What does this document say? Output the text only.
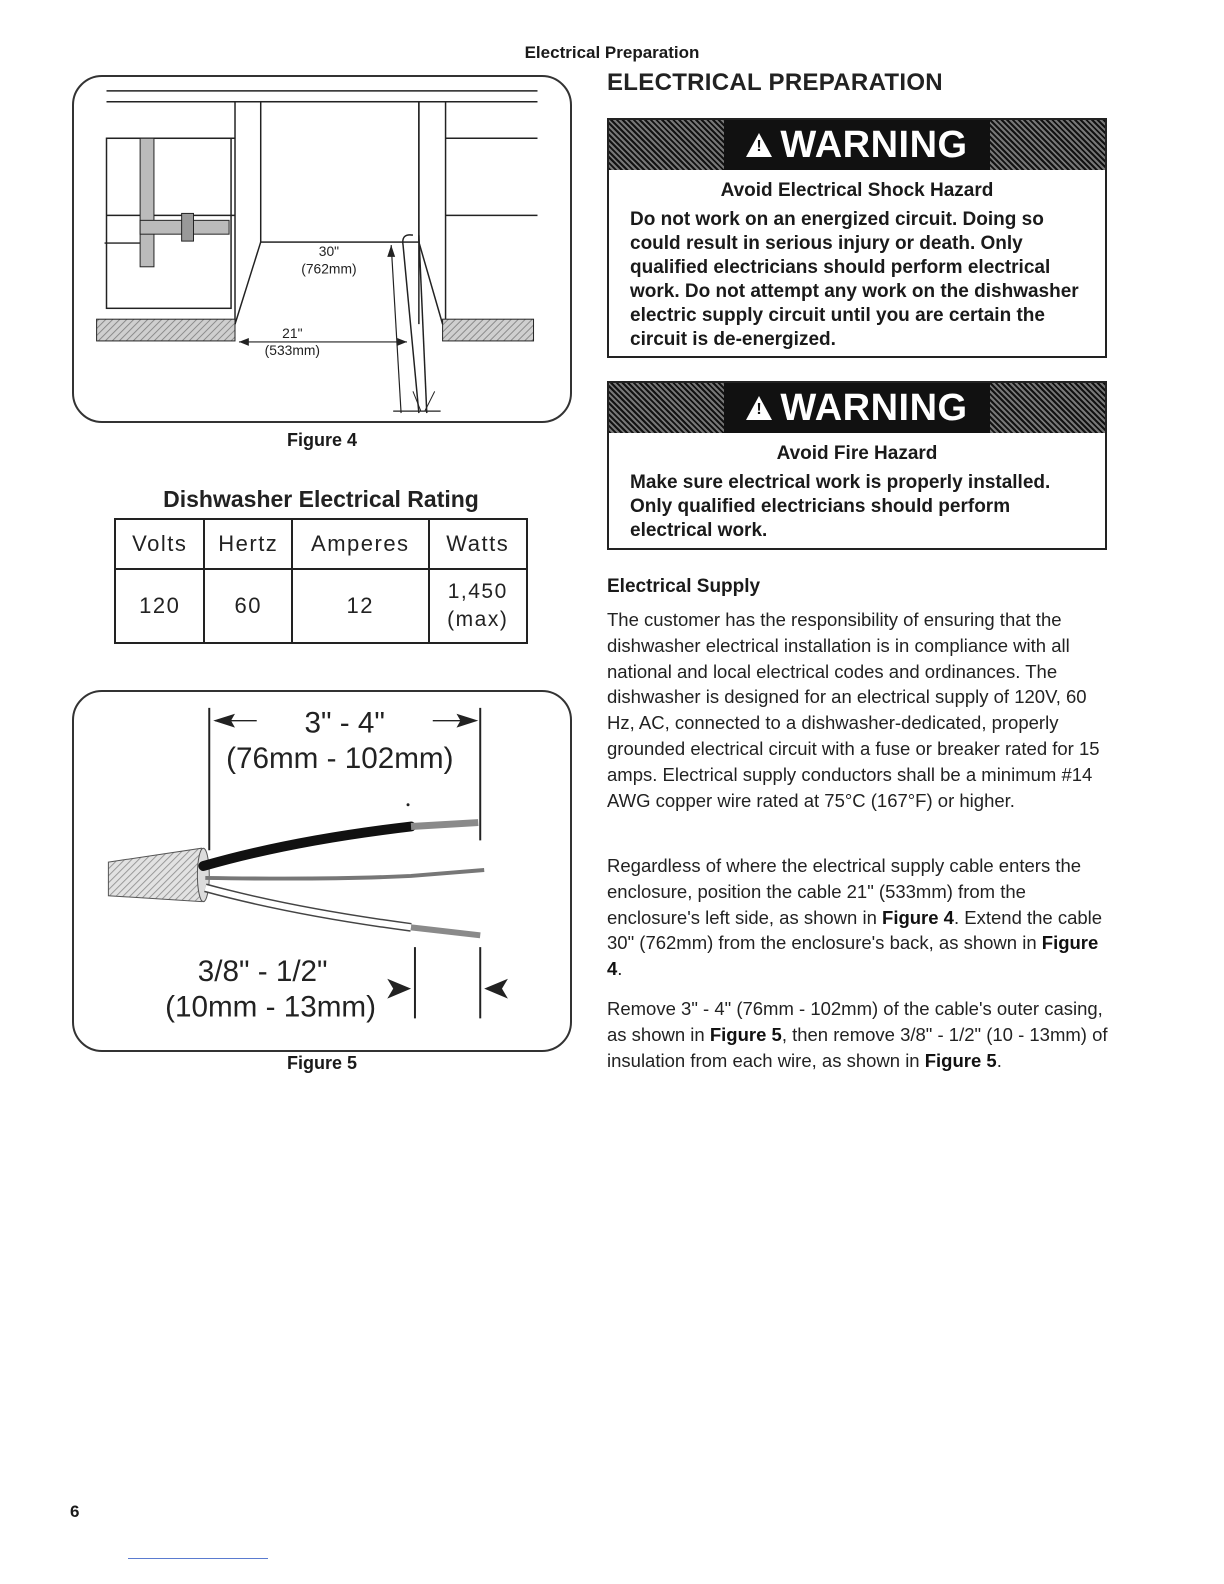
Electrical Preparation
30"
(762mm)
21"
(533mm)
Figure 4
Dishwasher Electrical Rating
Volts	Hertz	Amperes	Watts
120	60	12	1,450
(max)
3" - 4"
(76mm - 102mm)
3/8" - 1/2"
(10mm - 13mm)
Figure 5
ELECTRICAL PREPARATION
! WARNING
Avoid Electrical Shock Hazard
Do not work on an energized circuit. Doing so could result in serious injury or death. Only qualified electricians should perform electrical work. Do not attempt any work on the dishwasher electric supply circuit until you are certain the circuit is de-energized.
! WARNING
Avoid Fire Hazard
Make sure electrical work is properly installed. Only qualified electricians should perform electrical work.
Electrical Supply
The customer has the responsibility of ensuring that the dishwasher electrical installation is in compliance with all national and local electrical codes and ordinances. The dishwasher is designed for an electrical supply of 120V, 60 Hz, AC, connected to a dishwasher-dedicated, properly grounded electrical circuit with a fuse or breaker rated for 15 amps. Electrical supply conductors shall be a minimum #14 AWG copper wire rated at 75°C (167°F) or higher.
Regardless of where the electrical supply cable enters the enclosure, position the cable 21" (533mm) from the enclosure's left side, as shown in Figure 4. Extend the cable 30" (762mm) from the enclosure's back, as shown in Figure 4.
Remove 3" - 4" (76mm - 102mm) of the cable's outer casing, as shown in Figure 5, then remove 3/8" - 1/2" (10 - 13mm) of insulation from each wire, as shown in Figure 5.
6
